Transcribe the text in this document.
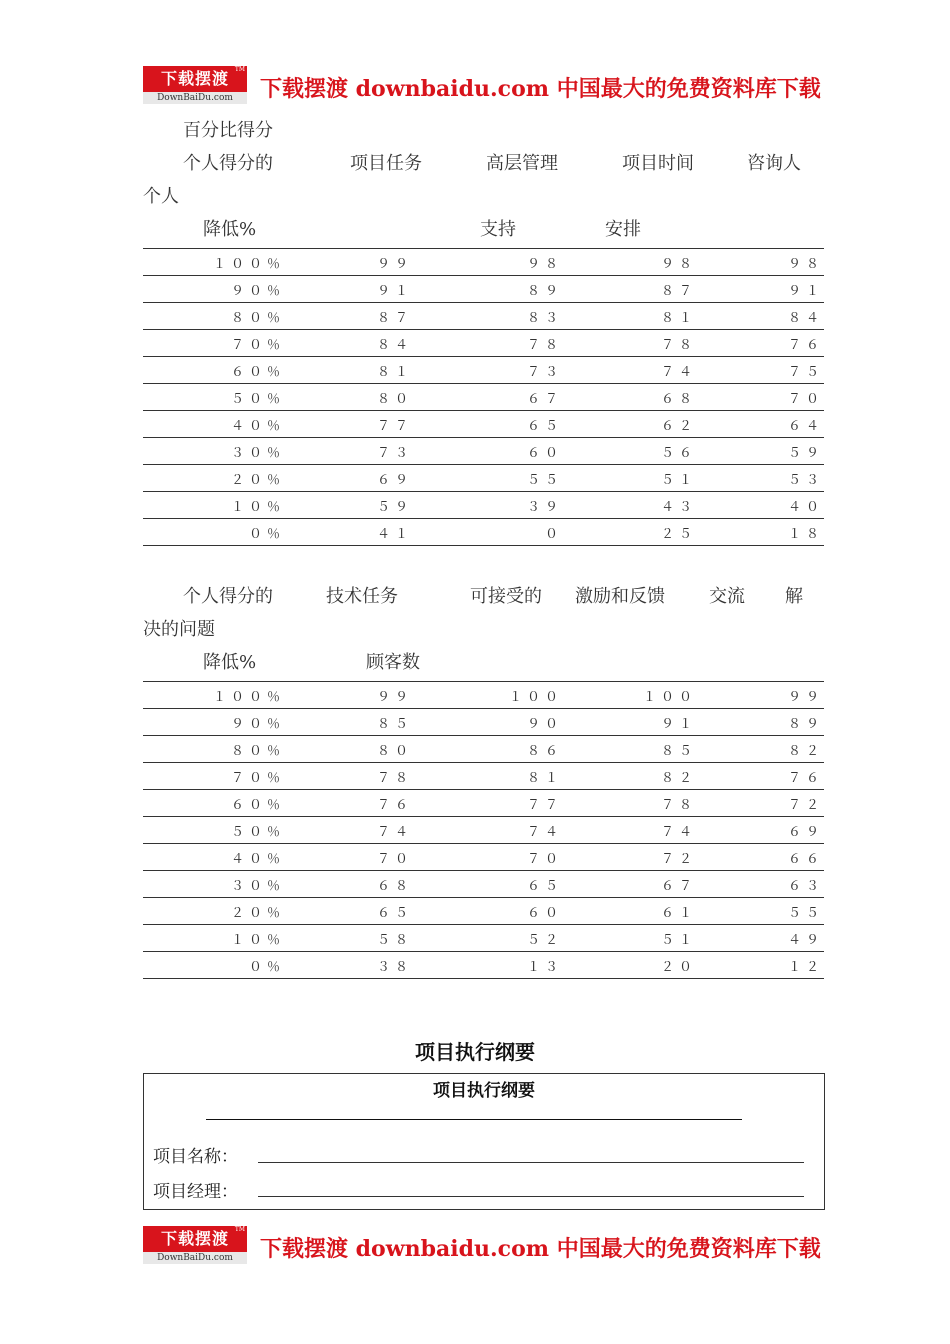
下载摆渡 TM
DownBaiDu.com	下载摆渡 downbaidu.com 中国最大的免费资料库下载
百分比得分
个人得分的	项目任务	高层管理	项目时间	咨询人
个人
降低%	支持	安排
１００％	９９	９８	９８	９８
９０％	９１	８９	８７	９１
８０％	８７	８３	８１	８４
７０％	８４	７８	７８	７６
６０％	８１	７３	７４	７５
５０％	８０	６７	６８	７０
４０％	７７	６５	６２	６４
３０％	７３	６０	５６	５９
２０％	６９	５５	５１	５３
１０％	５９	３９	４３	４０
０％	４１	０	２５	１８
个人得分的	技术任务	可接受的 激励和反馈 交流 解
决的问题
降低%	顾客数
１００％	９９	１００	１００	９９
９０％	８５	９０	９１	８９
８０％	８０	８６	８５	８２
７０％	７８	８１	８２	７６
６０％	７６	７７	７８	７２
５０％	７４	７４	７４	６９
４０％	７０	７０	７２	６６
３０％	６８	６５	６７	６３
２０％	６５	６０	６１	５５
１０％	５８	５２	５１	４９
０％	３８	１３	２０	１２
项目执行纲要
项目执行纲要
项目名称：
项目经理：
下载摆渡 TM
DownBaiDu.com	下载摆渡 downbaidu.com 中国最大的免费资料库下载
